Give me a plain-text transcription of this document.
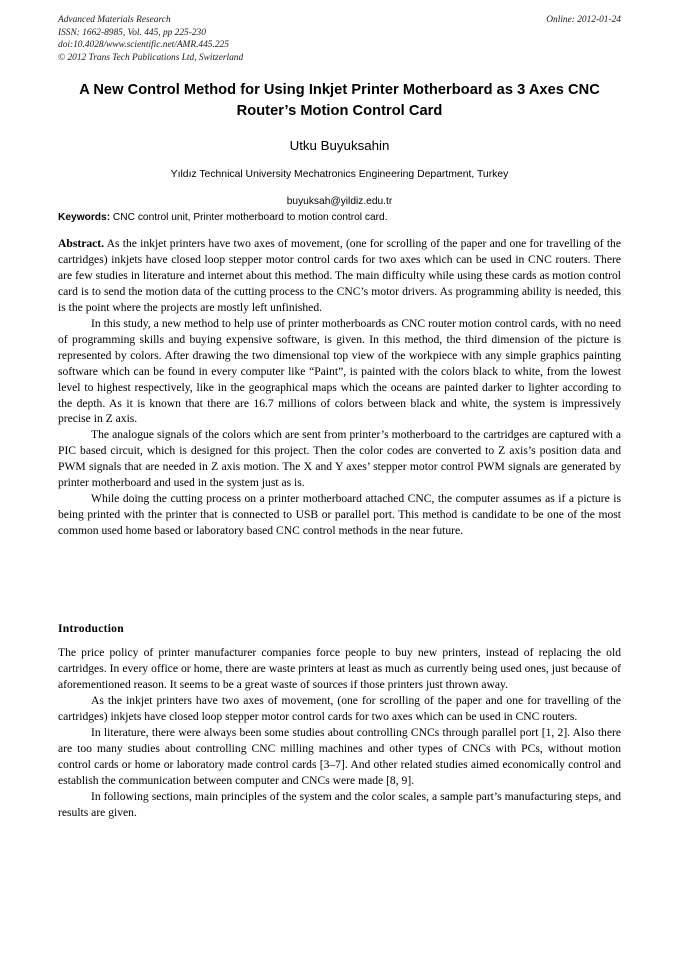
Advanced Materials Research
ISSN: 1662-8985, Vol. 445, pp 225-230
doi:10.4028/www.scientific.net/AMR.445.225
© 2012 Trans Tech Publications Ltd, Switzerland
Online: 2012-01-24
A New Control Method for Using Inkjet Printer Motherboard as 3 Axes CNC Router’s Motion Control Card
Utku Buyuksahin
Yıldız Technical University Mechatronics Engineering Department, Turkey
buyuksah@yildiz.edu.tr
Keywords: CNC control unit, Printer motherboard to motion control card.

Abstract. As the inkjet printers have two axes of movement, (one for scrolling of the paper and one for travelling of the cartridges) inkjets have closed loop stepper motor control cards for two axes which can be used in CNC routers. There are few studies in literature and internet about this method. The main difficulty while using these cards as motion control card is to send the motion data of the cutting process to the CNC’s motor drivers. As programming ability is needed, this is the point where the projects are mostly left unfinished.

In this study, a new method to help use of printer motherboards as CNC router motion control cards, with no need of programming skills and buying expensive software, is given. In this method, the third dimension of the picture is represented by colors. After drawing the two dimensional top view of the workpiece with any simple graphics painting software which can be found in every computer like “Paint”, is painted with the colors black to white, from the lowest level to highest respectively, like in the geographical maps which the oceans are painted darker to lighter according to the depth. As it is known that there are 16.7 millions of colors between black and white, the system is impressively precise in Z axis.

The analogue signals of the colors which are sent from printer’s motherboard to the cartridges are captured with a PIC based circuit, which is designed for this project. Then the color codes are converted to Z axis’s position data and PWM signals that are needed in Z axis motion. The X and Y axes’ stepper motor control PWM signals are generated by printer motherboard and used in the system just as is.

While doing the cutting process on a printer motherboard attached CNC, the computer assumes as if a picture is being printed with the printer that is connected to USB or parallel port. This method is candidate to be one of the most common used home based or laboratory based CNC control methods in the near future.

Introduction

The price policy of printer manufacturer companies force people to buy new printers, instead of replacing the old cartridges. In every office or home, there are waste printers at least as much as currently being used ones, just because of aforementioned reason. It seems to be a great waste of sources if those printers just thrown away.

As the inkjet printers have two axes of movement, (one for scrolling of the paper and one for travelling of the cartridges) inkjets have closed loop stepper motor control cards for two axes which can be used in CNC routers.

In literature, there were always been some studies about controlling CNCs through parallel port [1, 2]. Also there are too many studies about controlling CNC milling machines and other types of CNCs with PCs, without motion control cards or home or laboratory made control cards [3–7]. And other related studies aimed economically control and establish the communication between computer and CNCs were made [8, 9].

In following sections, main principles of the system and the color scales, a sample part’s manufacturing steps, and results are given.
